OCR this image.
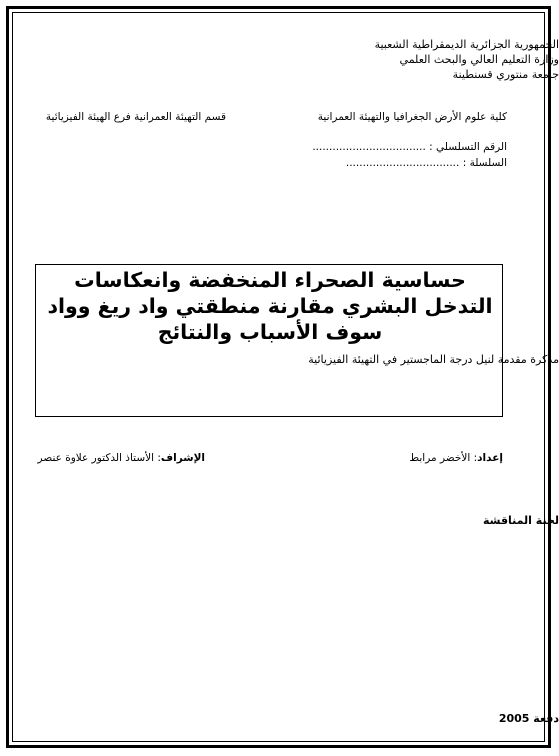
الجمهورية الجزائرية الديمقراطية الشعبية
وزارة التعليم العالي والبحث العلمي
جامعة منتوري قسنطينة
كلية علوم الأرض الجغرافيا والتهيئة العمرانية
قسم التهيئة العمرانية فرع الهيئة الفيزيائية
الرقم التسلسلي : ..................................
السلسلة : ..................................
حساسية الصحراء المنخفضة وانعكاسات التدخل البشري مقارنة منطقتي واد ريغ وواد سوف الأسباب والنتائج
مذكرة مقدمة لنيل درجة الماجستير في التهيئة الفيزيائية
إعداد: الأخضر مرابط
الإشراف: الأستاذ الدكتور علاوة عنصر
لجنة المناقشة
دفعة 2005
